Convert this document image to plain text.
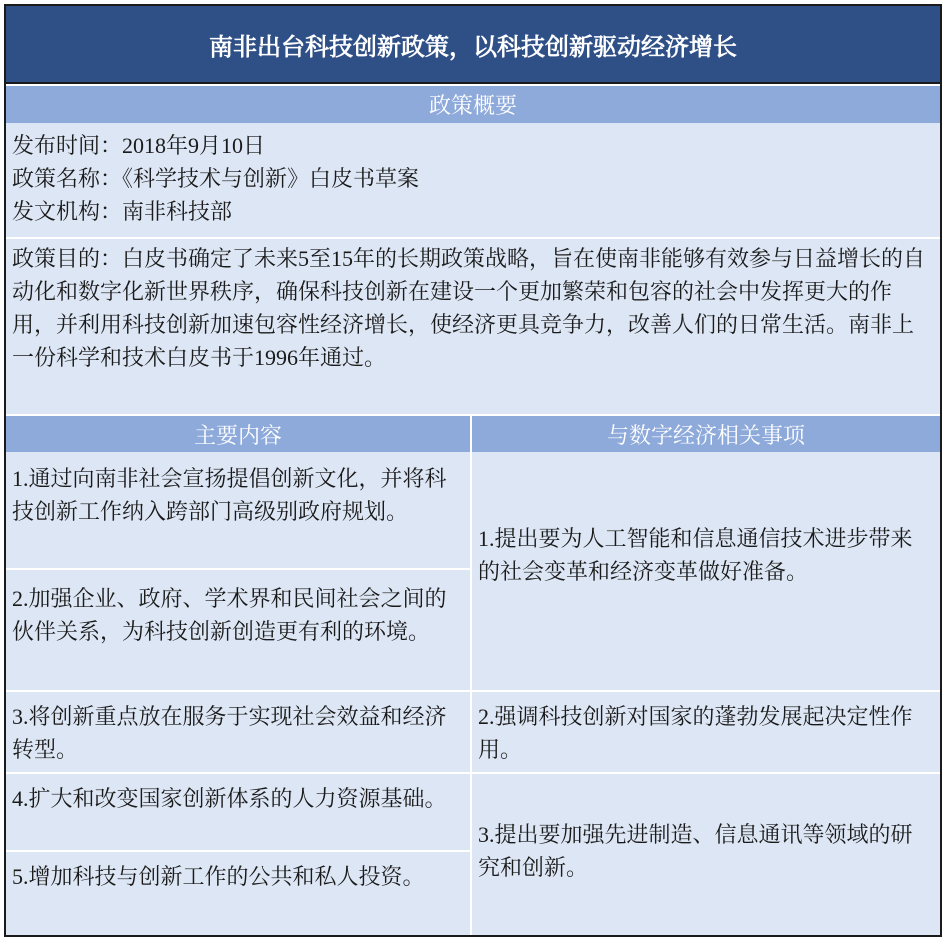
南非出台科技创新政策，以科技创新驱动经济增长
政策概要
发布时间：2018年9月10日
政策名称：《科学技术与创新》白皮书草案
发文机构：南非科技部
政策目的：白皮书确定了未来5至15年的长期政策战略，旨在使南非能够有效参与日益增长的自动化和数字化新世界秩序，确保科技创新在建设一个更加繁荣和包容的社会中发挥更大的作用，并利用科技创新加速包容性经济增长，使经济更具竞争力，改善人们的日常生活。南非上一份科学和技术白皮书于1996年通过。
主要内容	与数字经济相关事项
1.通过向南非社会宣扬提倡创新文化，并将科技创新工作纳入跨部门高级别政府规划。
2.加强企业、政府、学术界和民间社会之间的伙伴关系，为科技创新创造更有利的环境。
3.将创新重点放在服务于实现社会效益和经济转型。
4.扩大和改变国家创新体系的人力资源基础。
5.增加科技与创新工作的公共和私人投资。
1.提出要为人工智能和信息通信技术进步带来的社会变革和经济变革做好准备。
2.强调科技创新对国家的蓬勃发展起决定性作用。
3.提出要加强先进制造、信息通讯等领域的研究和创新。
